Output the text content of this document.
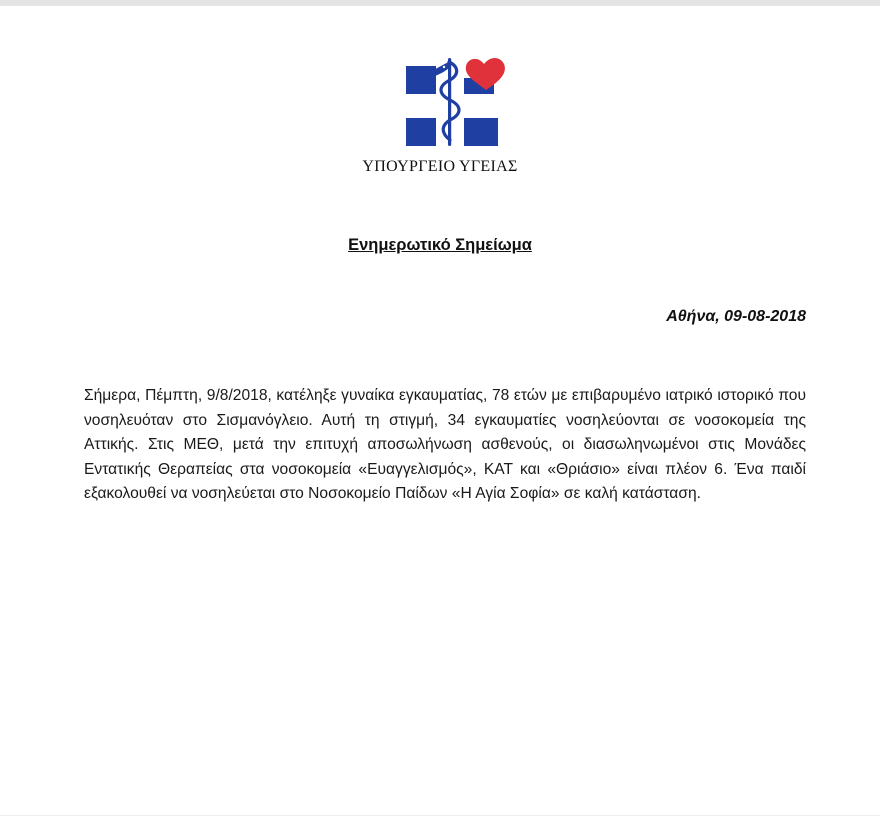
ΥΠΟΥΡΓΕΙΟ ΥΓΕΙΑΣ
Ενημερωτικό Σημείωμα
Αθήνα, 09-08-2018

Σήμερα, Πέμπτη, 9/8/2018, κατέληξε γυναίκα εγκαυματίας, 78 ετών με επιβαρυμένο ιατρικό ιστορικό που νοσηλευόταν στο Σισμανόγλειο. Αυτή τη στιγμή, 34 εγκαυματίες νοσηλεύονται σε νοσοκομεία της Αττικής. Στις ΜΕΘ, μετά την επιτυχή αποσωλήνωση ασθενούς, οι διασωληνωμένοι στις Μονάδες Εντατικής Θεραπείας στα νοσοκομεία «Ευαγγελισμός», ΚΑΤ και «Θριάσιο» είναι πλέον 6. Ένα παιδί εξακολουθεί να νοσηλεύεται στο Νοσοκομείο Παίδων «Η Αγία Σοφία» σε καλή κατάσταση.
